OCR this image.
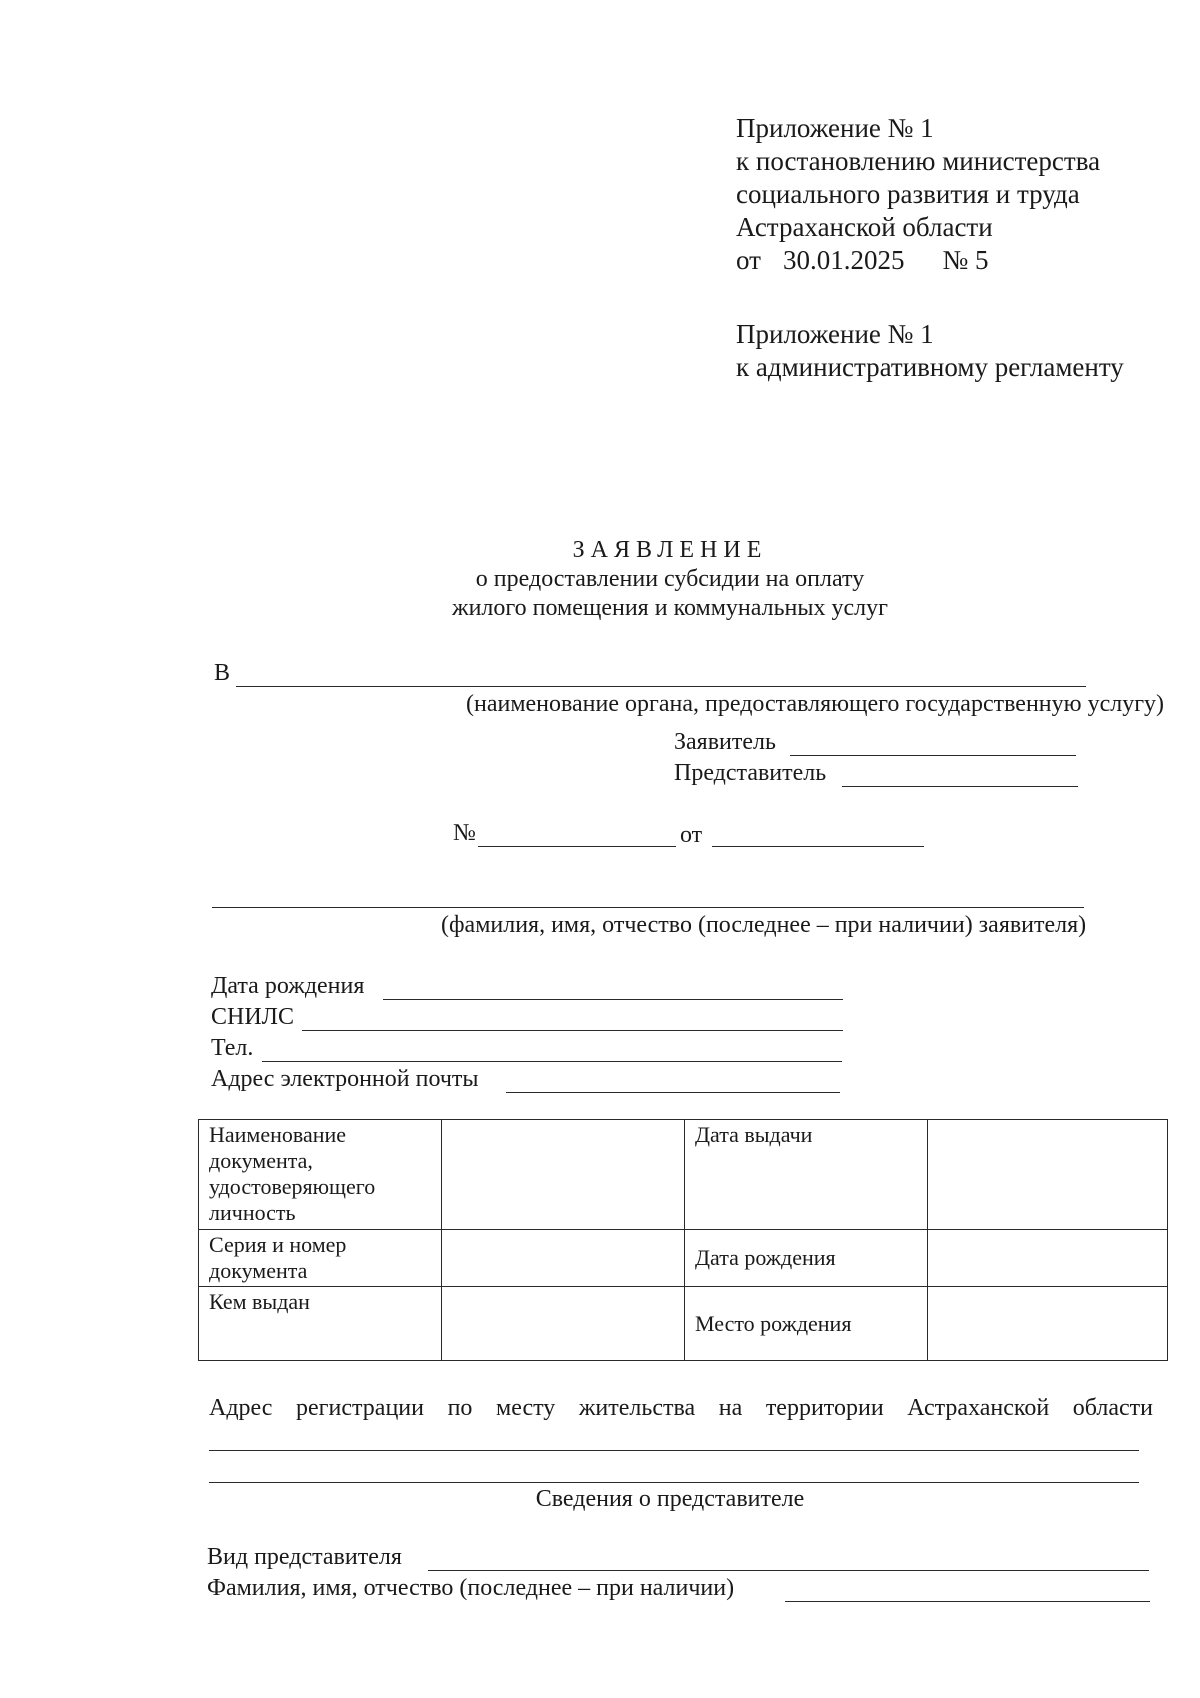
Приложение № 1
к постановлению министерства
социального развития и труда
Астраханской области
от 30.01.2025 № 5
Приложение № 1
к административному регламенту
ЗАЯВЛЕНИЕ
о предоставлении субсидии на оплату
жилого помещения и коммунальных услуг
В
(наименование органа, предоставляющего государственную услугу)
Заявитель
Представитель
№	от
(фамилия, имя, отчество (последнее – при наличии) заявителя)
Дата рождения
СНИЛС
Тел.
Адрес электронной почты
Наименование документа, удостоверяющего личность		Дата выдачи	
Серия и номер документа		Дата рождения	
Кем выдан		Место рождения	
Адрес регистрации по месту жительства на территории Астраханской области
Сведения о представителе
Вид представителя
Фамилия, имя, отчество (последнее – при наличии)
